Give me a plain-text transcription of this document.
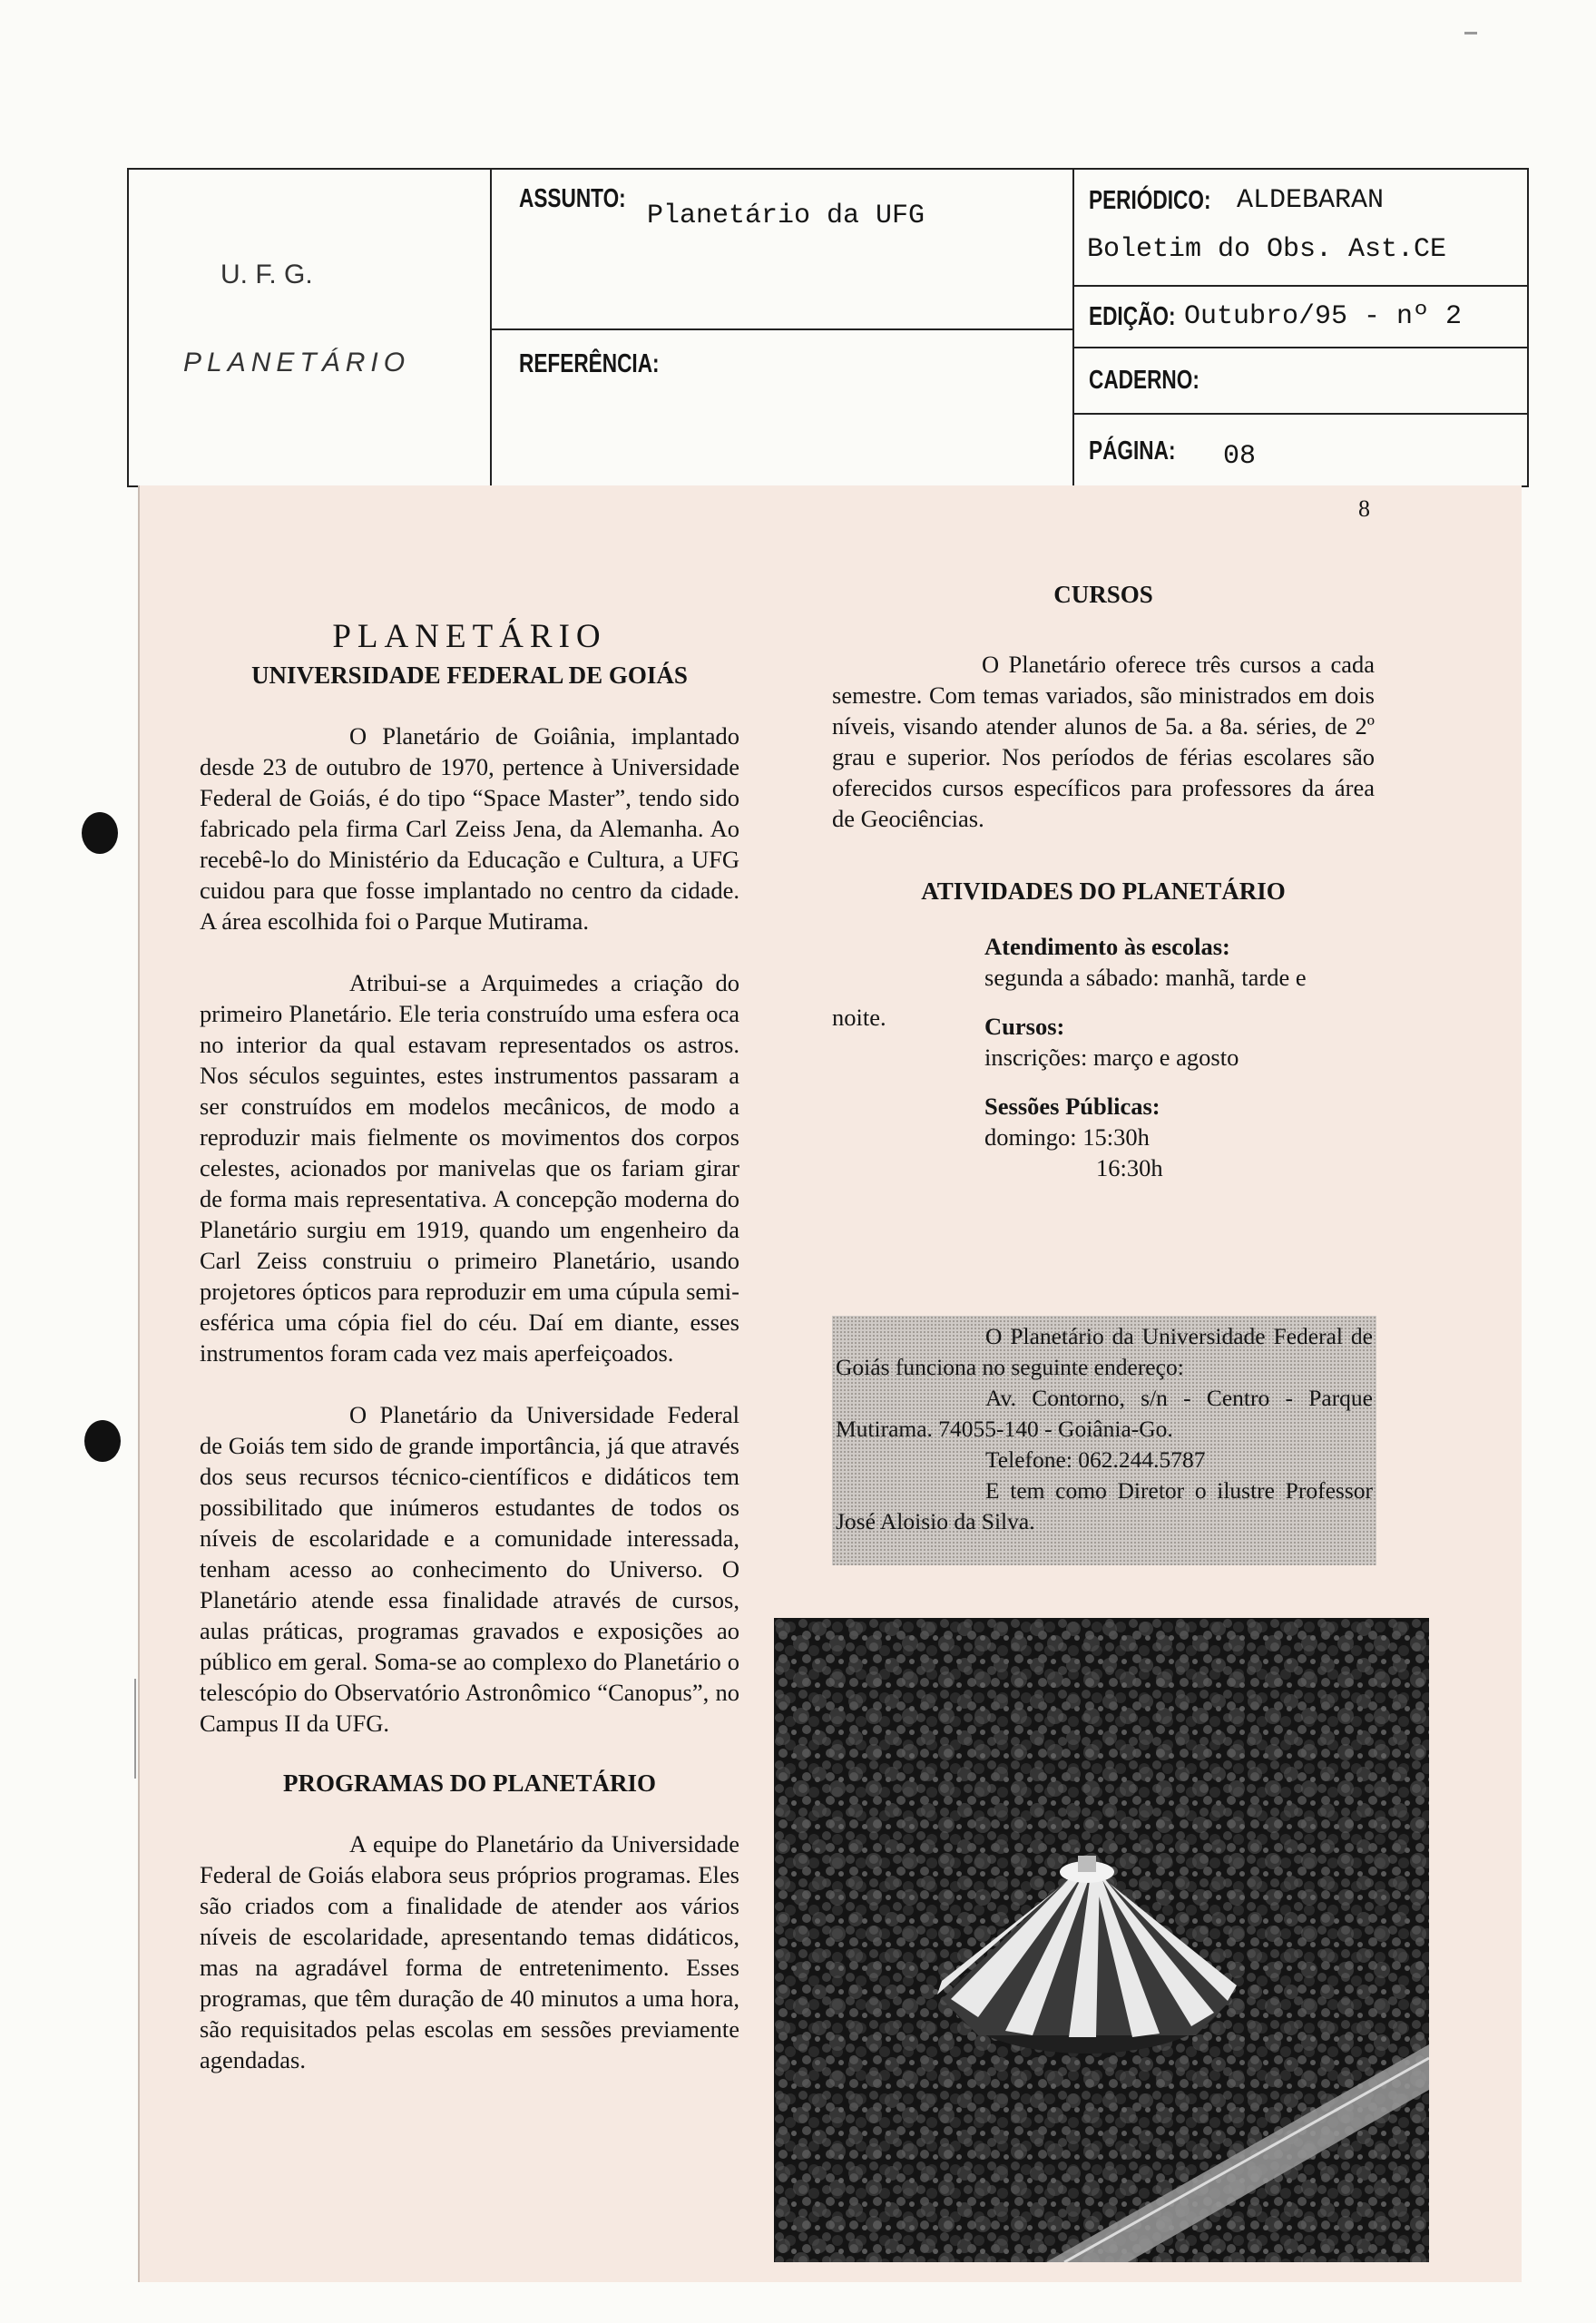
U. F. G.
PLANETÁRIO
ASSUNTO:
Planetário da UFG
REFERÊNCIA:
PERIÓDICO: ALDEBARAN
Boletim do Obs. Ast.CE
EDIÇÃO: Outubro/95 - nº 2
CADERNO:
PÁGINA: 08
8
PLANETÁRIO
UNIVERSIDADE FEDERAL DE GOIÁS

O Planetário de Goiânia, implantado desde 23 de outubro de 1970, pertence à Universidade Federal de Goiás, é do tipo “Space Master”, tendo sido fabricado pela firma Carl Zeiss Jena, da Alemanha. Ao recebê-lo do Ministério da Educação e Cultura, a UFG cuidou para que fosse implantado no centro da cidade. A área escolhida foi o Parque Mutirama.

Atribui-se a Arquimedes a criação do primeiro Planetário. Ele teria construído uma esfera oca no interior da qual estavam representados os astros. Nos séculos seguintes, estes instrumentos passaram a ser construídos em modelos mecânicos, de modo a reproduzir mais fielmente os movimentos dos corpos celestes, acionados por manivelas que os fariam girar de forma mais representativa. A concepção moderna do Planetário surgiu em 1919, quando um engenheiro da Carl Zeiss construiu o primeiro Planetário, usando projetores ópticos para reproduzir em uma cúpula semi-esférica uma cópia fiel do céu. Daí em diante, esses instrumentos foram cada vez mais aperfeiçoados.

O Planetário da Universidade Federal de Goiás tem sido de grande importância, já que através dos seus recursos técnico-científicos e didáticos tem possibilitado que inúmeros estudantes de todos os níveis de escolaridade e a comunidade interessada, tenham acesso ao conhecimento do Universo. O Planetário atende essa finalidade através de cursos, aulas práticas, programas gravados e exposições ao público em geral. Soma-se ao complexo do Planetário o telescópio do Observatório Astronômico “Canopus”, no Campus II da UFG.

PROGRAMAS DO PLANETÁRIO

A equipe do Planetário da Universidade Federal de Goiás elabora seus próprios programas. Eles são criados com a finalidade de atender aos vários níveis de escolaridade, apresentando temas didáticos, mas na agradável forma de entretenimento. Esses programas, que têm duração de 40 minutos a uma hora, são requisitados pelas escolas em sessões previamente agendadas.

CURSOS

O Planetário oferece três cursos a cada semestre. Com temas variados, são ministrados em dois níveis, visando atender alunos de 5a. a 8a. séries, de 2º grau e superior. Nos períodos de férias escolares são oferecidos cursos específicos para professores da área de Geociências.

ATIVIDADES DO PLANETÁRIO
noite.
Atendimento às escolas:
segunda a sábado: manhã, tarde e
Cursos:
inscrições: março e agosto
Sessões Públicas:
domingo: 15:30h
16:30h

O Planetário da Universidade Federal de Goiás funciona no seguinte endereço:

Av. Contorno, s/n - Centro - Parque Mutirama. 74055-140 - Goiânia-Go.

Telefone: 062.244.5787

E tem como Diretor o ilustre Professor José Aloisio da Silva.
